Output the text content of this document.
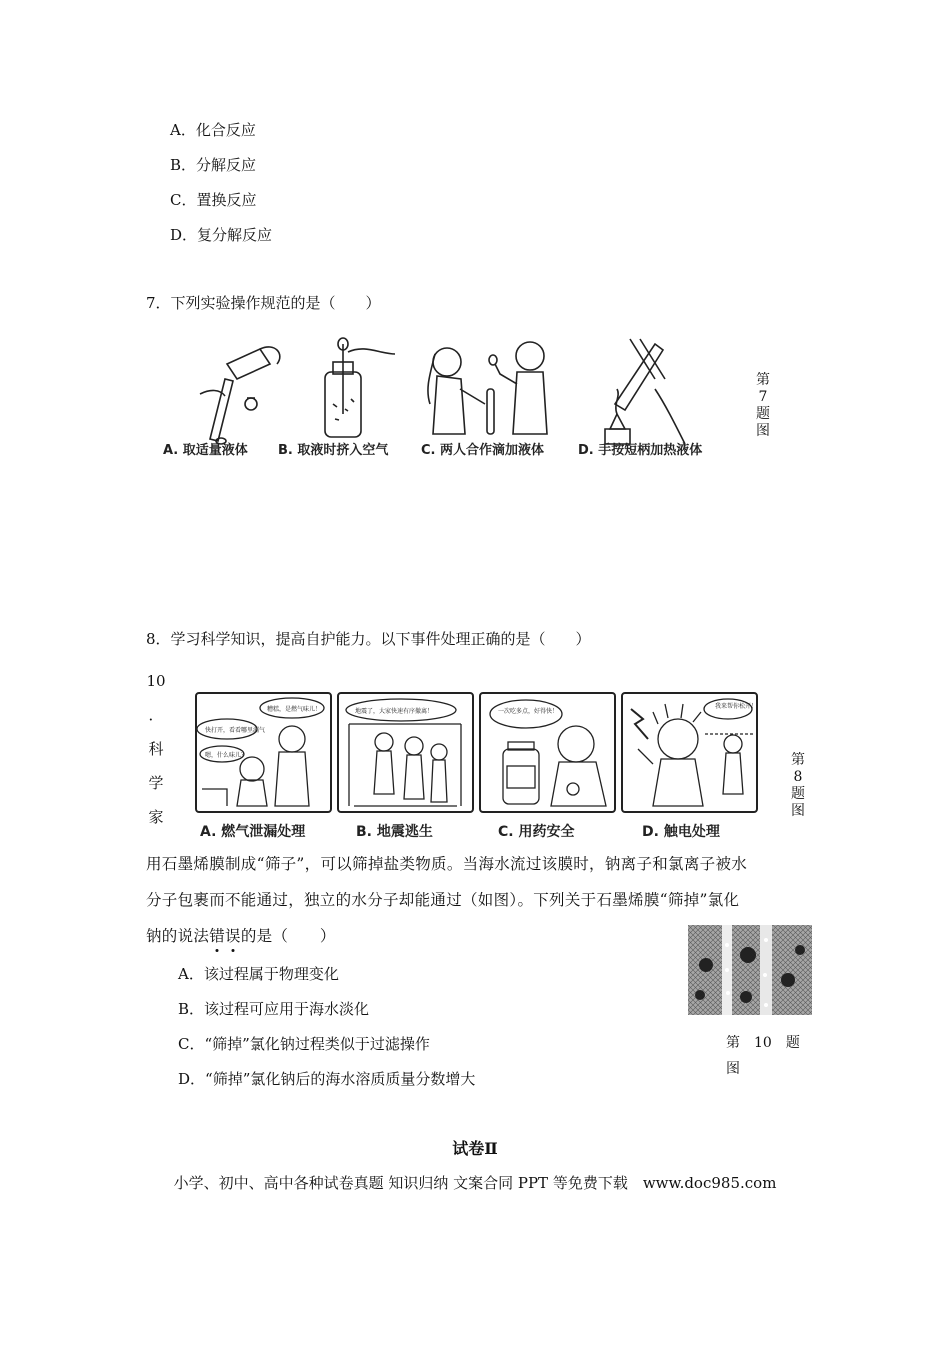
A．化合反应
B．分解反应
C．置换反应
D．复分解反应
7．下列实验操作规范的是（　　）
A. 取适量液体 B. 取液时挤入空气	C. 两人合作滴加液体	D. 手按短柄加热液体
第
7
题
图
8．学习科学知识，提高自护能力。以下事件处理正确的是（　　）
10
．
科
学
家
糟糕，是燃气味儿！
快打开，看看哪里漏气
嗯，什么味儿？
地震了，大家快速有序撤离！	一次吃多点，好得快！
我来帮你松开！
A. 燃气泄漏处理	B. 地震逃生	C. 用药安全	D. 触电处理
第
8
题
图
用石墨烯膜制成“筛子”，可以筛掉盐类物质。当海水流过该膜时，钠离子和氯离子被水
分子包裹而不能通过，独立的水分子却能通过（如图）。下列关于石墨烯膜“筛掉”氯化
钠的说法错误的是（　　）
A．该过程属于物理变化
B．该过程可应用于海水淡化
C．“筛掉”氯化钠过程类似于过滤操作
D．“筛掉”氯化钠后的海水溶质质量分数增大
第　10　题
图
试卷Ⅱ
小学、初中、高中各种试卷真题 知识归纳 文案合同 PPT 等免费下载　www.doc985.com
